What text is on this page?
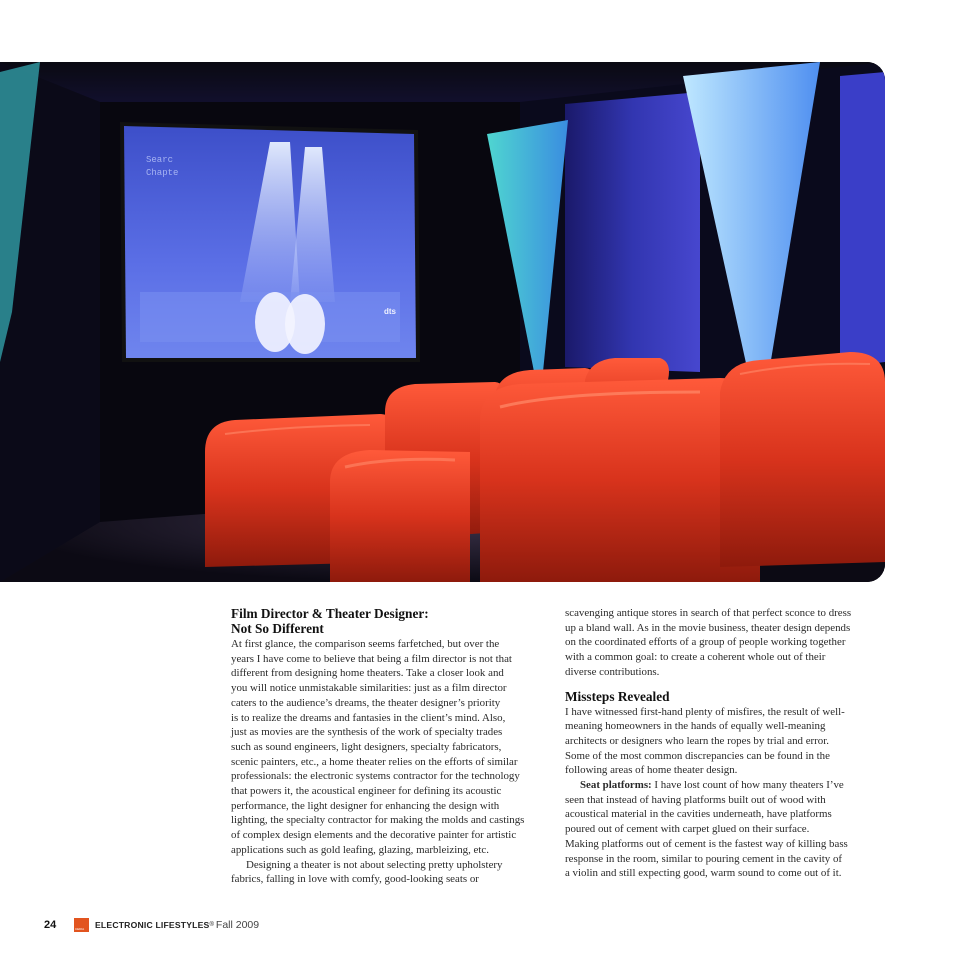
Searc
Chapte
dts
Film Director & Theater Designer:
Not So Different

At first glance, the comparison seems farfetched, but over the
years I have come to believe that being a film director is not that
different from designing home theaters. Take a closer look and
you will notice unmistakable similarities: just as a film director
caters to the audience’s dreams, the theater designer’s priority
is to realize the dreams and fantasies in the client’s mind. Also,
just as movies are the synthesis of the work of specialty trades
such as sound engineers, light designers, specialty fabricators,
scenic painters, etc., a home theater relies on the efforts of similar
professionals: the electronic systems contractor for the technology
that powers it, the acoustical engineer for defining its acoustic
performance, the light designer for enhancing the design with
lighting, the specialty contractor for making the molds and castings
of complex design elements and the decorative painter for artistic
applications such as gold leafing, glazing, marbleizing, etc.

Designing a theater is not about selecting pretty upholstery
fabrics, falling in love with comfy, good-looking seats or

scavenging antique stores in search of that perfect sconce to dress
up a bland wall. As in the movie business, theater design depends
on the coordinated efforts of a group of people working together
with a common goal: to create a coherent whole out of their
diverse contributions.

Missteps Revealed

I have witnessed first-hand plenty of misfires, the result of well-
meaning homeowners in the hands of equally well-meaning
architects or designers who learn the ropes by trial and error.
Some of the most common discrepancies can be found in the
following areas of home theater design.

Seat platforms: I have lost count of how many theaters I’ve
seen that instead of having platforms built out of wood with
acoustical material in the cavities underneath, have platforms
poured out of cement with carpet glued on their surface.
Making platforms out of cement is the fastest way of killing bass
response in the room, similar to pouring cement in the cavity of
a violin and still expecting good, warm sound to come out of it.

24	CEDIA ELECTRONIC LIFESTYLES ® Fall 2009
